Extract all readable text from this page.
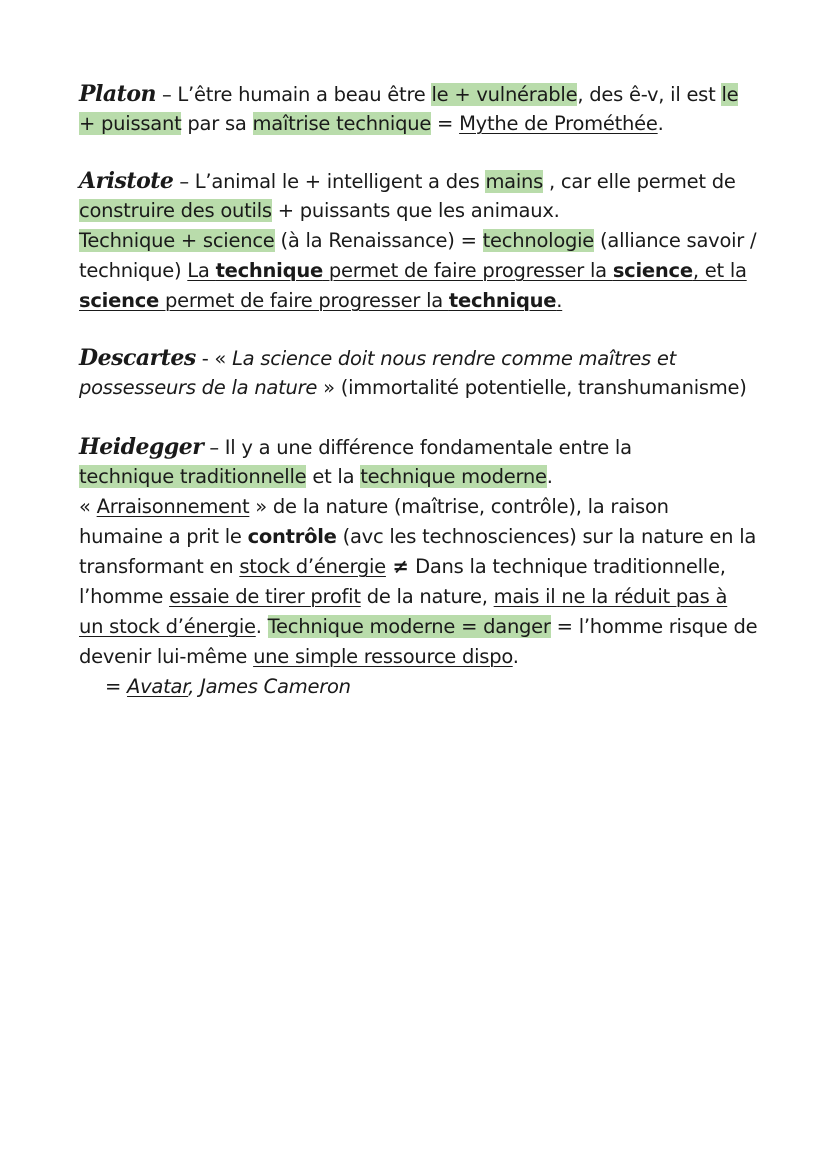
Platon – L’être humain a beau être le + vulnérable, des ê-v, il est le
+ puissant par sa maîtrise technique = Mythe de Prométhée.
Aristote – L’animal le + intelligent a des mains , car elle permet de
construire des outils + puissants que les animaux.
Technique + science (à la Renaissance) = technologie (alliance savoir /
technique) La technique permet de faire progresser la science, et la
science permet de faire progresser la technique.
Descartes - « La science doit nous rendre comme maîtres et
possesseurs de la nature » (immortalité potentielle, transhumanisme)
Heidegger – Il y a une différence fondamentale entre la
technique traditionnelle et la technique moderne.
« Arraisonnement » de la nature (maîtrise, contrôle), la raison
humaine a prit le contrôle (avc les technosciences) sur la nature en la
transformant en stock d’énergie ≠ Dans la technique traditionnelle,
l’homme essaie de tirer profit de la nature, mais il ne la réduit pas à
un stock d’énergie. Technique moderne = danger = l’homme risque de
devenir lui-même une simple ressource dispo.
= Avatar, James Cameron
